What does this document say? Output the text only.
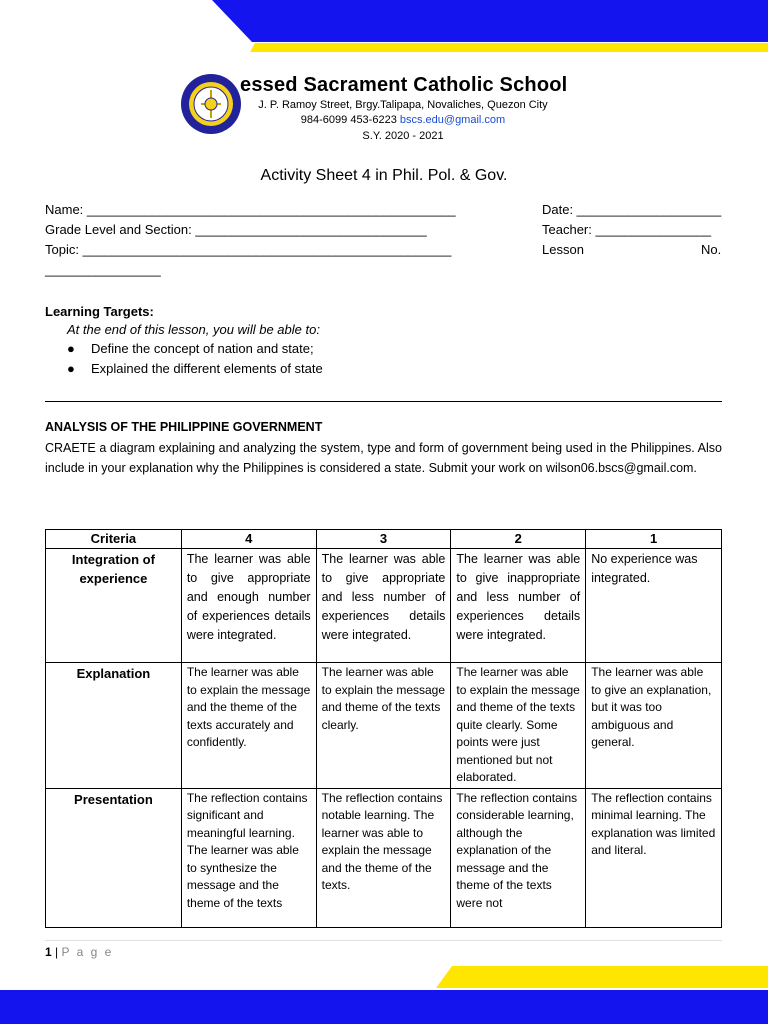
essed Sacrament Catholic School
J. P. Ramoy Street, Brgy.Talipapa, Novaliches, Quezon City
984-6099 453-6223 bscs.edu@gmail.com
S.Y. 2020 - 2021
Activity Sheet 4 in Phil. Pol. & Gov.
Name: ___________________________________________________
Grade Level and Section: ________________________________
Topic: ___________________________________________________
________________
Date: ____________________
Teacher: ________________
Lesson	No.
Learning Targets:
At the end of this lesson, you will be able to:
● Define the concept of nation and state;
● Explained the different elements of state
ANALYSIS OF THE PHILIPPINE GOVERNMENT
CRAETE a diagram explaining and analyzing the system, type and form of government being used in the Philippines. Also include in your explanation why the Philippines is considered a state. Submit your work on wilson06.bscs@gmail.com.
Criteria	4	3	2	1
Integration of experience	The learner was able to give appropriate and enough number of experiences details were integrated.	The learner was able to give appropriate and less number of experiences details were integrated.	The learner was able to give inappropriate and less number of experiences details were integrated.	No experience was integrated.
Explanation	The learner was able to explain the message and the theme of the texts accurately and confidently.	The learner was able to explain the message and theme of the texts clearly.	The learner was able to explain the message and theme of the texts quite clearly. Some points were just mentioned but not elaborated.	The learner was able to give an explanation, but it was too ambiguous and general.
Presentation	The reflection contains significant and meaningful learning. The learner was able to synthesize the message and the theme of the texts	The reflection contains notable learning. The learner was able to explain the message and the theme of the texts.	The reflection contains considerable learning, although the explanation of the message and the theme of the texts were not	The reflection contains minimal learning. The explanation was limited and literal.
1 | P a g e
